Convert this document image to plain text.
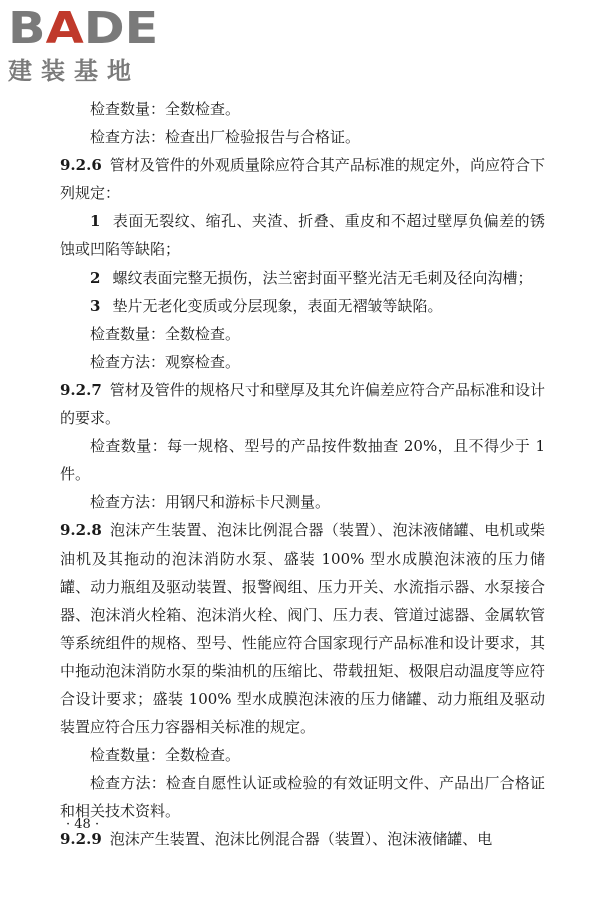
BADE
建装基地

检查数量：全数检查。

检查方法：检查出厂检验报告与合格证。

9.2.6 管材及管件的外观质量除应符合其产品标准的规定外，尚应符合下列规定：

1 表面无裂纹、缩孔、夹渣、折叠、重皮和不超过壁厚负偏差的锈蚀或凹陷等缺陷；

2 螺纹表面完整无损伤，法兰密封面平整光洁无毛刺及径向沟槽；

3 垫片无老化变质或分层现象，表面无褶皱等缺陷。

检查数量：全数检查。

检查方法：观察检查。

9.2.7 管材及管件的规格尺寸和壁厚及其允许偏差应符合产品标准和设计的要求。

检查数量：每一规格、型号的产品按件数抽查 20%，且不得少于 1 件。

检查方法：用钢尺和游标卡尺测量。

9.2.8 泡沫产生装置、泡沫比例混合器（装置）、泡沫液储罐、电机或柴油机及其拖动的泡沫消防水泵、盛装 100% 型水成膜泡沫液的压力储罐、动力瓶组及驱动装置、报警阀组、压力开关、水流指示器、水泵接合器、泡沫消火栓箱、泡沫消火栓、阀门、压力表、管道过滤器、金属软管等系统组件的规格、型号、性能应符合国家现行产品标准和设计要求，其中拖动泡沫消防水泵的柴油机的压缩比、带载扭矩、极限启动温度等应符合设计要求；盛装 100% 型水成膜泡沫液的压力储罐、动力瓶组及驱动装置应符合压力容器相关标准的规定。

检查数量：全数检查。

检查方法：检查自愿性认证或检验的有效证明文件、产品出厂合格证和相关技术资料。

9.2.9 泡沫产生装置、泡沫比例混合器（装置）、泡沫液储罐、电

· 48 ·
